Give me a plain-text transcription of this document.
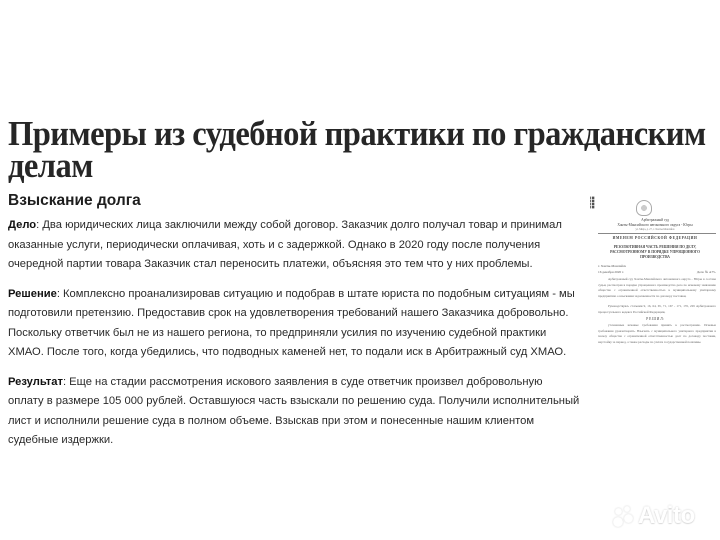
Примеры из судебной практики по гражданским
делам
Взыскание долга

Дело: Два юридических лица заключили между собой договор. Заказчик долго получал товар и принимал оказанные услуги, периодически оплачивая, хоть и с задержкой. Однако в 2020 году после получения очередной партии товара Заказчик стал переносить платежи, объясняя это тем что у них проблемы.

Решение: Комплексно проанализировав ситуацию и подобрав в штате юриста по подобным ситуациям - мы подготовили претензию. Предоставив срок на удовлетворения требований нашего Заказчика добровольно. Поскольку ответчик был не из нашего региона, то предприняли усилия по изучению судебной практики ХМАО. После того, когда убедились, что подводных каменей нет, то подали иск в Арбитражный суд ХМАО.

Результат: Еще на стадии рассмотрения искового заявления в суде ответчик произвел добровольную оплату в размере 105 000 рублей. Оставшуюся часть взыскали по решению суда. Получили исполнительный лист и исполнили решение суда в полном объеме. Взыскав при этом и понесенные нашим клиентом судебные издержки.

Арбитражный суд
Ханты-Мансийского автономного округа - Югры
ул. Мира, д. 27, г. Ханты-Мансийск
ИМЕНЕМ РОССИЙСКОЙ ФЕДЕРАЦИИ
РЕЗОЛЮТИВНАЯ ЧАСТЬ РЕШЕНИЯ ПО ДЕЛУ,
РАССМОТРЕННОМУ В ПОРЯДКЕ УПРОЩЕННОГО
ПРОИЗВОДСТВА
г. Ханты-Мансийск
16 декабря 2020 г.	Дело № А75-
Арбитражный суд Ханты-Мансийского автономного округа - Югры в составе судьи, рассмотрев в порядке упрощенного производства дело по исковому заявлению общества с ограниченной ответственностью к муниципальному унитарному предприятию о взыскании задолженности по договору поставки,
Руководствуясь статьями 9, 16, 64, 65, 71, 167 - 171, 176, 229 Арбитражного процессуального кодекса Российской Федерации,
Р Е Ш И Л:
уточненные исковые требования принять к рассмотрению. Исковые требования удовлетворить. Взыскать с муниципального унитарного предприятия в пользу общества с ограниченной ответственностью долг по договору поставки, неустойку за период, а также расходы по уплате государственной пошлины.
Avito
